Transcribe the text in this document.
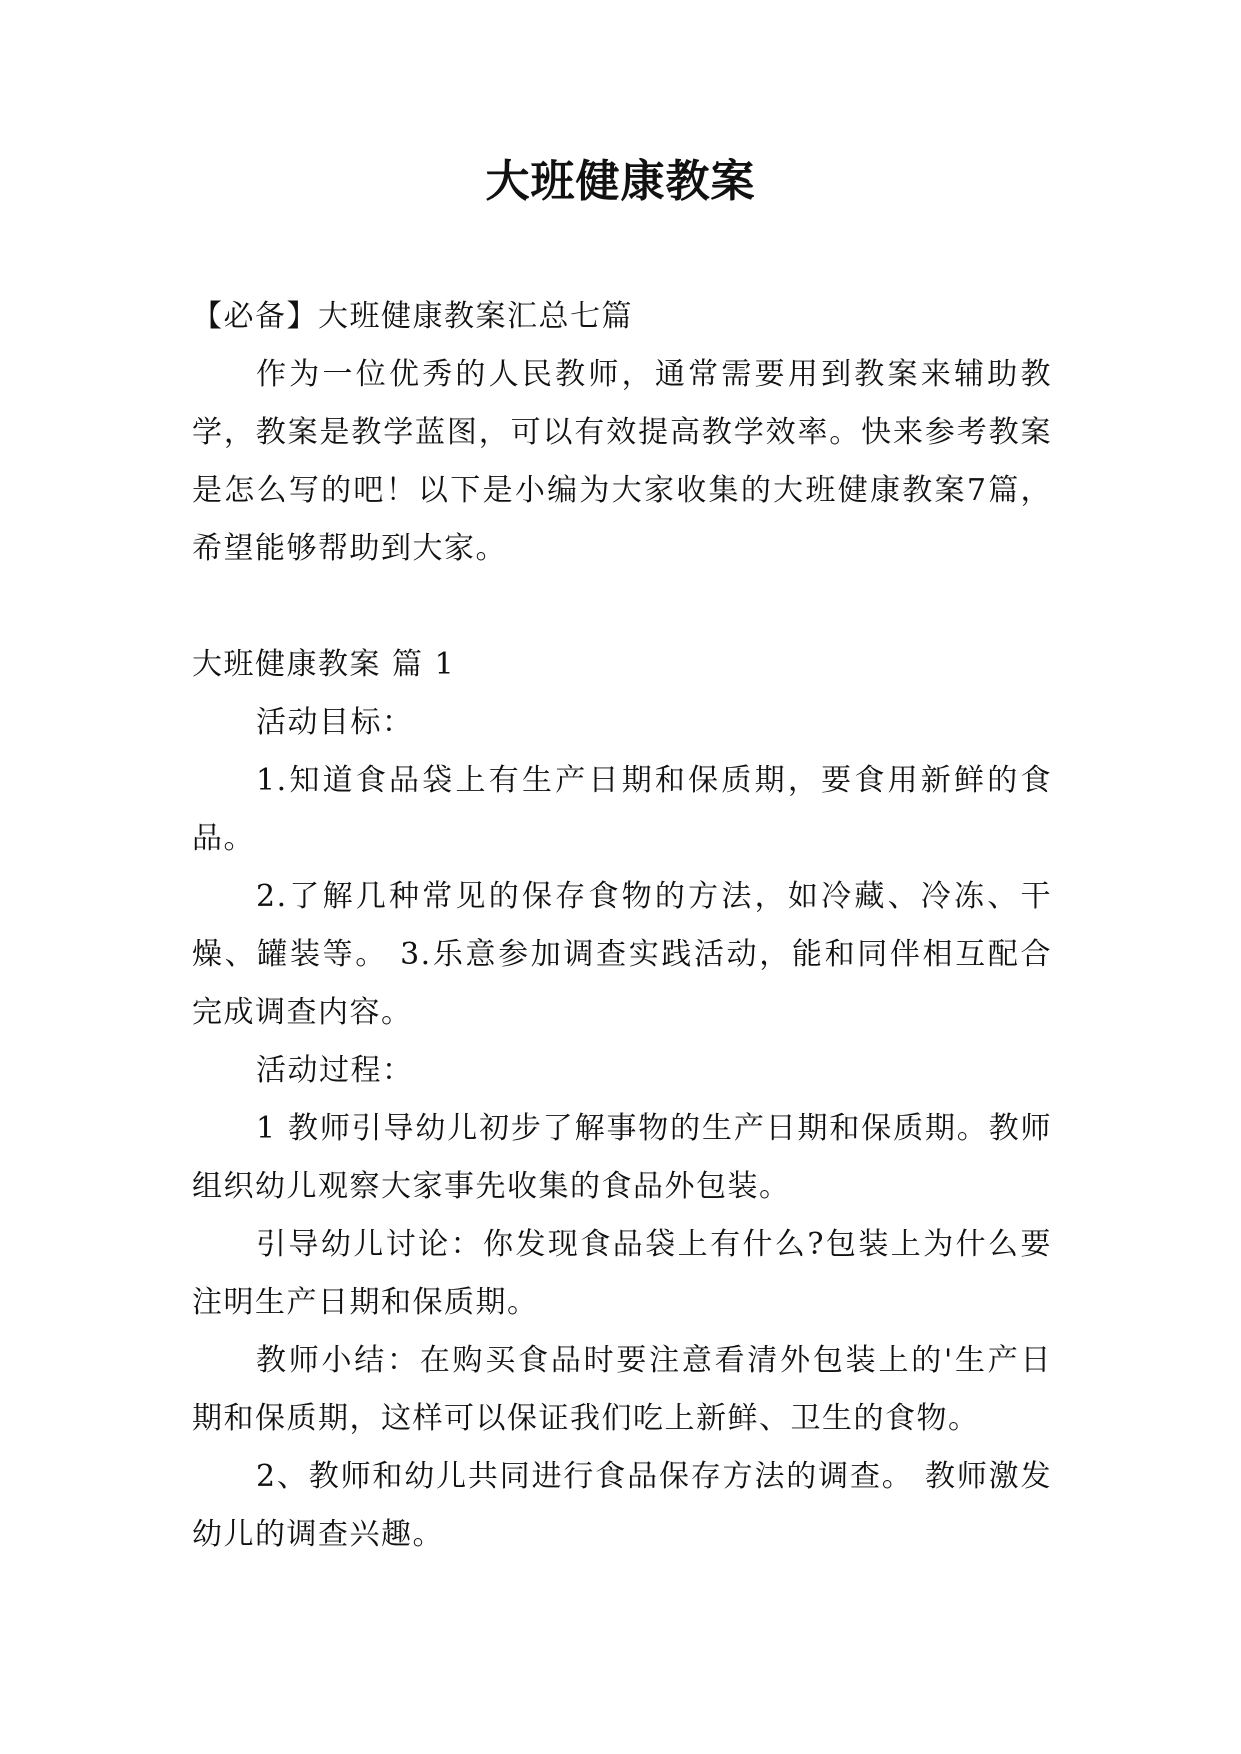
大班健康教案

【必备】大班健康教案汇总七篇

作为一位优秀的人民教师，通常需要用到教案来辅助教学，教案是教学蓝图，可以有效提高教学效率。快来参考教案是怎么写的吧！以下是小编为大家收集的大班健康教案7篇，希望能够帮助到大家。

大班健康教案 篇 1

活动目标：

1.知道食品袋上有生产日期和保质期，要食用新鲜的食品。

2.了解几种常见的保存食物的方法，如冷藏、冷冻、干燥、罐装等。 3.乐意参加调查实践活动，能和同伴相互配合完成调查内容。

活动过程：

1 教师引导幼儿初步了解事物的生产日期和保质期。教师组织幼儿观察大家事先收集的食品外包装。

引导幼儿讨论：你发现食品袋上有什么?包装上为什么要注明生产日期和保质期。

教师小结：在购买食品时要注意看清外包装上的'生产日期和保质期，这样可以保证我们吃上新鲜、卫生的食物。

2、教师和幼儿共同进行食品保存方法的调查。 教师激发幼儿的调查兴趣。
